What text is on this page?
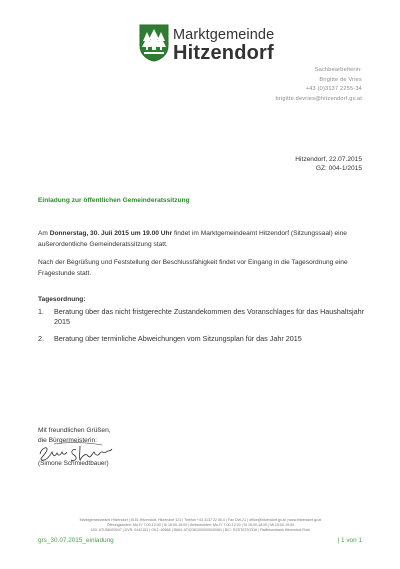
Marktgemeinde
Hitzendorf
Sachbearbeiterin:
Brigitte de Vries
+43 (0)3137 2255-34
brigitte.devries@hitzendorf.gv.at
Hitzendorf, 22.07.2015
GZ: 004-1/2015
Einladung zur öffentlichen Gemeinderatssitzung
Am Donnerstag, 30. Juli 2015 um 19.00 Uhr findet im Marktgemeindeamt Hitzendorf (Sitzungssaal) eine außerordentliche Gemeinderatssitzung statt.
Nach der Begrüßung und Feststellung der Beschlussfähigkeit findet vor Eingang in die Tagesordnung eine Fragestunde statt.
Tagesordnung:
1. Beratung über das nicht fristgerechte Zustandekommen des Voranschlages für das Haushaltsjahr 2015
2. Beratung über terminliche Abweichungen vom Sitzungsplan für das Jahr 2015
Mit freundlichen Grüßen,
die Bürgermeisterin:
(Simone Schmiedtbauer)
Marktgemeindeamt Hitzendorf | 8151 Hitzendorf, Hitzendorf 121 | Telefon +43 3137 22 55-0 | Fax DW-21 | office@hitzendorf.gv.at | www.hitzendorf.gv.at
Öffnungszeiten: Mo-Fr 7:00-12:00 | Di 16:00-18:00 | Amtsstunden: Mo-Fr 7:00-12:00 | Di 16:00-18:00 | Mi 15:00-19:00
UID: ATU58420047 | DVR: 0442151 | GKZ: 60668 | IBAN: AT42381000000040061 | BIC: RZSTAT2G316 | Raiffeisenbank Hitzendorf-Rohr
grs_30.07.2015_einladung	| 1 von 1
